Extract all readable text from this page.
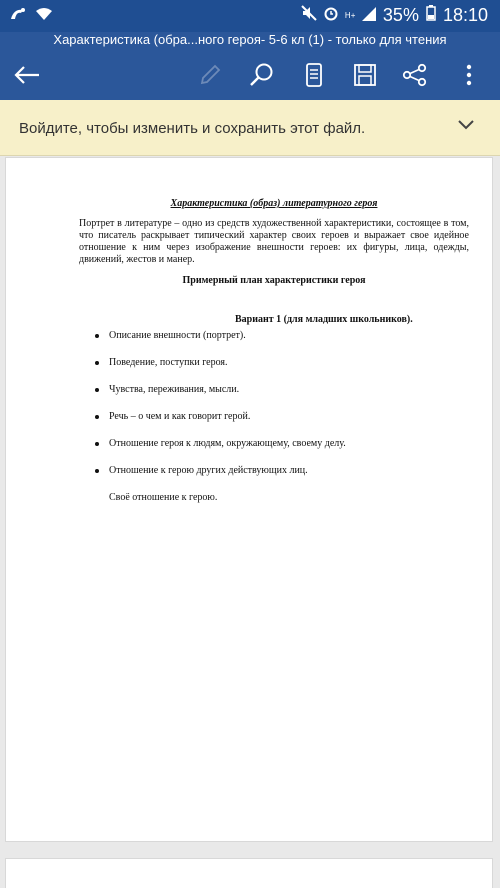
H+ 35% 18:10
Характеристика (обра...ного героя- 5-6 кл (1) - только для чтения
Войдите, чтобы изменить и сохранить этот файл.
Характеристика (образ) литературного героя
Портрет в литературе – одно из средств художественной характеристики, состоящее в том, что писатель раскрывает типический характер своих героев и выражает свое идейное отношение к ним через изображение внешности героев: их фигуры, лица, одежды, движений, жестов и манер.
Примерный план характеристики героя
Вариант 1 (для младших школьников).
Описание внешности (портрет).
Поведение, поступки героя.
Чувства, переживания, мысли.
Речь – о чем и как говорит герой.
Отношение героя к людям, окружающему, своему делу.
Отношение к герою других действующих лиц.
Своё отношение к герою.
